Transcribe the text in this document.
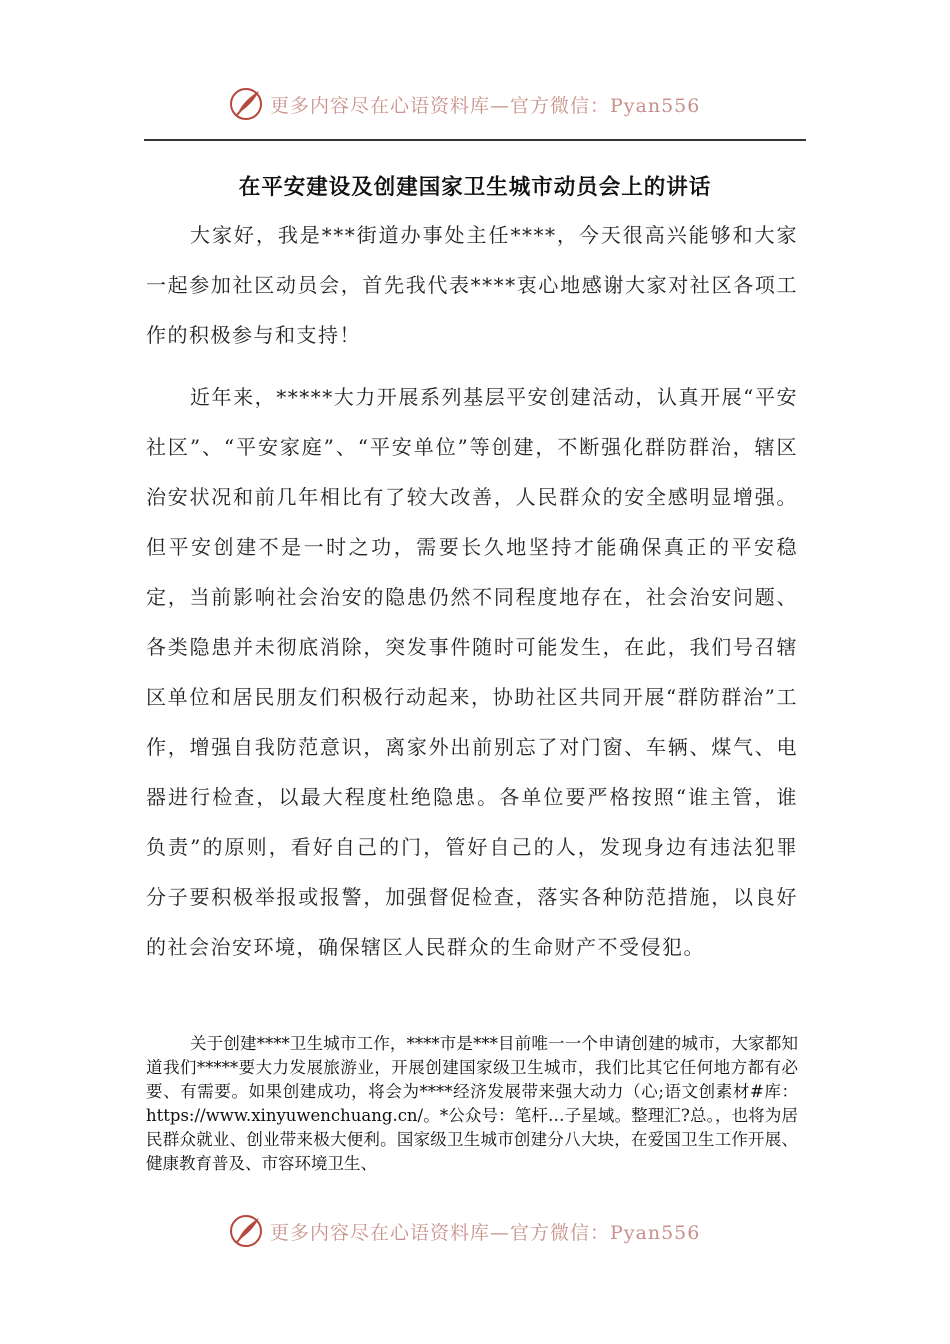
更多内容尽在心语资料库—官方微信：Pyan556
在平安建设及创建国家卫生城市动员会上的讲话

大家好，我是***街道办事处主任****，今天很高兴能够和大家一起参加社区动员会，首先我代表****衷心地感谢大家对社区各项工作的积极参与和支持！

近年来，*****大力开展系列基层平安创建活动，认真开展“平安社区”、“平安家庭”、“平安单位”等创建，不断强化群防群治，辖区治安状况和前几年相比有了较大改善，人民群众的安全感明显增强。但平安创建不是一时之功，需要长久地坚持才能确保真正的平安稳定，当前影响社会治安的隐患仍然不同程度地存在，社会治安问题、各类隐患并未彻底消除，突发事件随时可能发生，在此，我们号召辖区单位和居民朋友们积极行动起来，协助社区共同开展“群防群治”工作，增强自我防范意识，离家外出前别忘了对门窗、车辆、煤气、电器进行检查，以最大程度杜绝隐患。各单位要严格按照“谁主管，谁负责”的原则，看好自己的门，管好自己的人，发现身边有违法犯罪分子要积极举报或报警，加强督促检查，落实各种防范措施，以良好的社会治安环境，确保辖区人民群众的生命财产不受侵犯。

关于创建****卫生城市工作，****市是***目前唯一一个申请创建的城市，大家都知道我们*****要大力发展旅游业，开展创建国家级卫生城市，我们比其它任何地方都有必要、有需要。如果创建成功，将会为****经济发展带来强大动力（心;语文创素材#库：https://www.xinyuwenchuang.cn/。*公众号：笔杆…子星域。整理汇?总。，也将为居民群众就业、创业带来极大便利。国家级卫生城市创建分八大块，在爱国卫生工作开展、健康教育普及、市容环境卫生、

更多内容尽在心语资料库—官方微信：Pyan556
